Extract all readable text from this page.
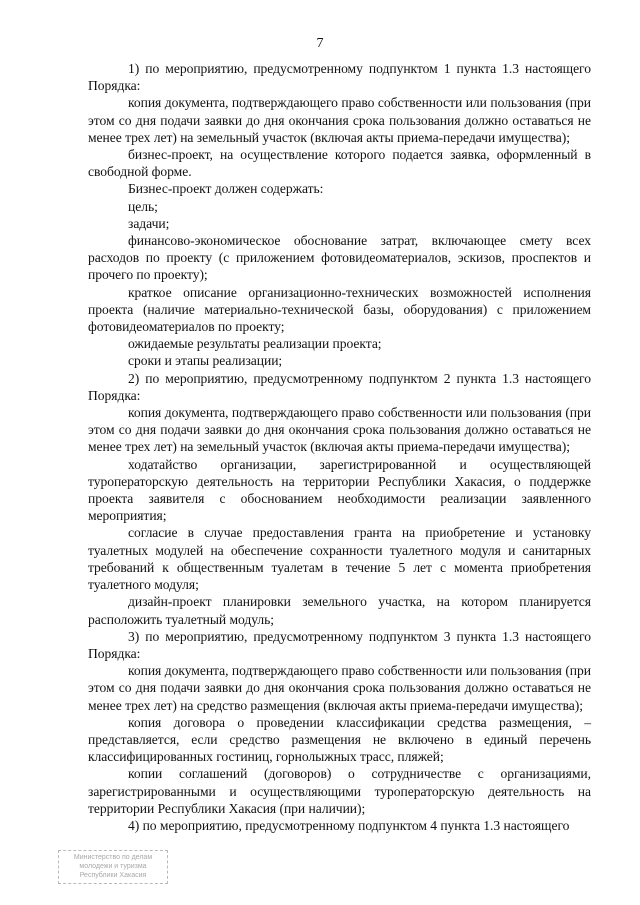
7

1) по мероприятию, предусмотренному подпунктом 1 пункта 1.3 настоящего Порядка:

копия документа, подтверждающего право собственности или пользования (при этом со дня подачи заявки до дня окончания срока пользования должно оставаться не менее трех лет) на земельный участок (включая акты приема-передачи имущества);

бизнес-проект, на осуществление которого подается заявка, оформленный в свободной форме.

Бизнес-проект должен содержать:

цель;

задачи;

финансово-экономическое обоснование затрат, включающее смету всех расходов по проекту (с приложением фотовидеоматериалов, эскизов, проспектов и прочего по проекту);

краткое описание организационно-технических возможностей исполнения проекта (наличие материально-технической базы, оборудования) с приложением фотовидеоматериалов по проекту;

ожидаемые результаты реализации проекта;

сроки и этапы реализации;

2) по мероприятию, предусмотренному подпунктом 2 пункта 1.3 настоящего Порядка:

копия документа, подтверждающего право собственности или пользования (при этом со дня подачи заявки до дня окончания срока пользования должно оставаться не менее трех лет) на земельный участок (включая акты приема-передачи имущества);

ходатайство организации, зарегистрированной и осуществляющей туроператорскую деятельность на территории Республики Хакасия, о поддержке проекта заявителя с обоснованием необходимости реализации заявленного мероприятия;

согласие в случае предоставления гранта на приобретение и установку туалетных модулей на обеспечение сохранности туалетного модуля и санитарных требований к общественным туалетам в течение 5 лет с момента приобретения туалетного модуля;

дизайн-проект планировки земельного участка, на котором планируется расположить туалетный модуль;

3) по мероприятию, предусмотренному подпунктом 3 пункта 1.3 настоящего Порядка:

копия документа, подтверждающего право собственности или пользования (при этом со дня подачи заявки до дня окончания срока пользования должно оставаться не менее трех лет) на средство размещения (включая акты приема-передачи имущества);

копия договора о проведении классификации средства размещения, – представляется, если средство размещения не включено в единый перечень классифицированных гостиниц, горнолыжных трасс, пляжей;

копии соглашений (договоров) о сотрудничестве с организациями, зарегистрированными и осуществляющими туроператорскую деятельность на территории Республики Хакасия (при наличии);

4) по мероприятию, предусмотренному подпунктом 4 пункта 1.3 настоящего

Министерство по делам
молодежи и туризма
Республики Хакасия
